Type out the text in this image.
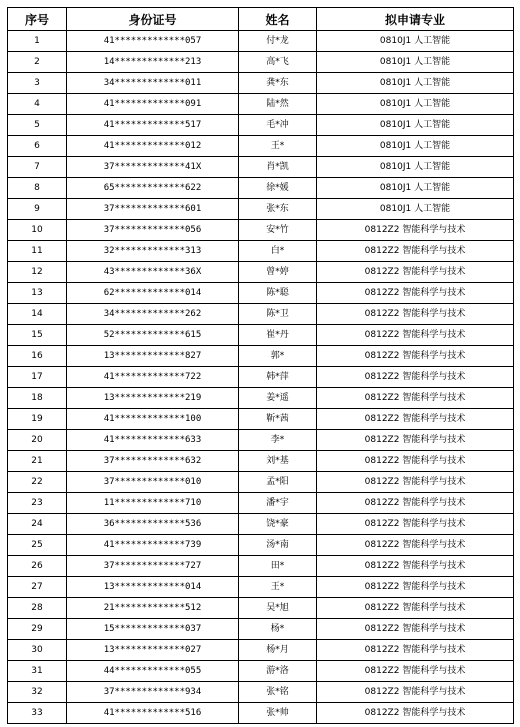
序号	身份证号	姓名	拟申请专业
1	41*************057	付*龙	0810J1 人工智能
2	14*************213	高*飞	0810J1 人工智能
3	34*************011	龚*东	0810J1 人工智能
4	41*************091	陆*然	0810J1 人工智能
5	41*************517	毛*冲	0810J1 人工智能
6	41*************012	王*	0810J1 人工智能
7	37*************41X	肖*凯	0810J1 人工智能
8	65*************622	徐*媛	0810J1 人工智能
9	37*************601	张*东	0810J1 人工智能
10	37*************056	安*竹	0812Z2 智能科学与技术
11	32*************313	白*	0812Z2 智能科学与技术
12	43*************36X	曾*婷	0812Z2 智能科学与技术
13	62*************014	陈*聪	0812Z2 智能科学与技术
14	34*************262	陈*卫	0812Z2 智能科学与技术
15	52*************615	崔*丹	0812Z2 智能科学与技术
16	13*************827	郭*	0812Z2 智能科学与技术
17	41*************722	韩*萍	0812Z2 智能科学与技术
18	13*************219	姜*遥	0812Z2 智能科学与技术
19	41*************100	靳*茜	0812Z2 智能科学与技术
20	41*************633	李*	0812Z2 智能科学与技术
21	37*************632	刘*基	0812Z2 智能科学与技术
22	37*************010	孟*阳	0812Z2 智能科学与技术
23	11*************710	潘*宇	0812Z2 智能科学与技术
24	36*************536	饶*豪	0812Z2 智能科学与技术
25	41*************739	汤*南	0812Z2 智能科学与技术
26	37*************727	田*	0812Z2 智能科学与技术
27	13*************014	王*	0812Z2 智能科学与技术
28	21*************512	吴*旭	0812Z2 智能科学与技术
29	15*************037	杨*	0812Z2 智能科学与技术
30	13*************027	杨*月	0812Z2 智能科学与技术
31	44*************055	游*洛	0812Z2 智能科学与技术
32	37*************934	张*铭	0812Z2 智能科学与技术
33	41*************516	张*帅	0812Z2 智能科学与技术
